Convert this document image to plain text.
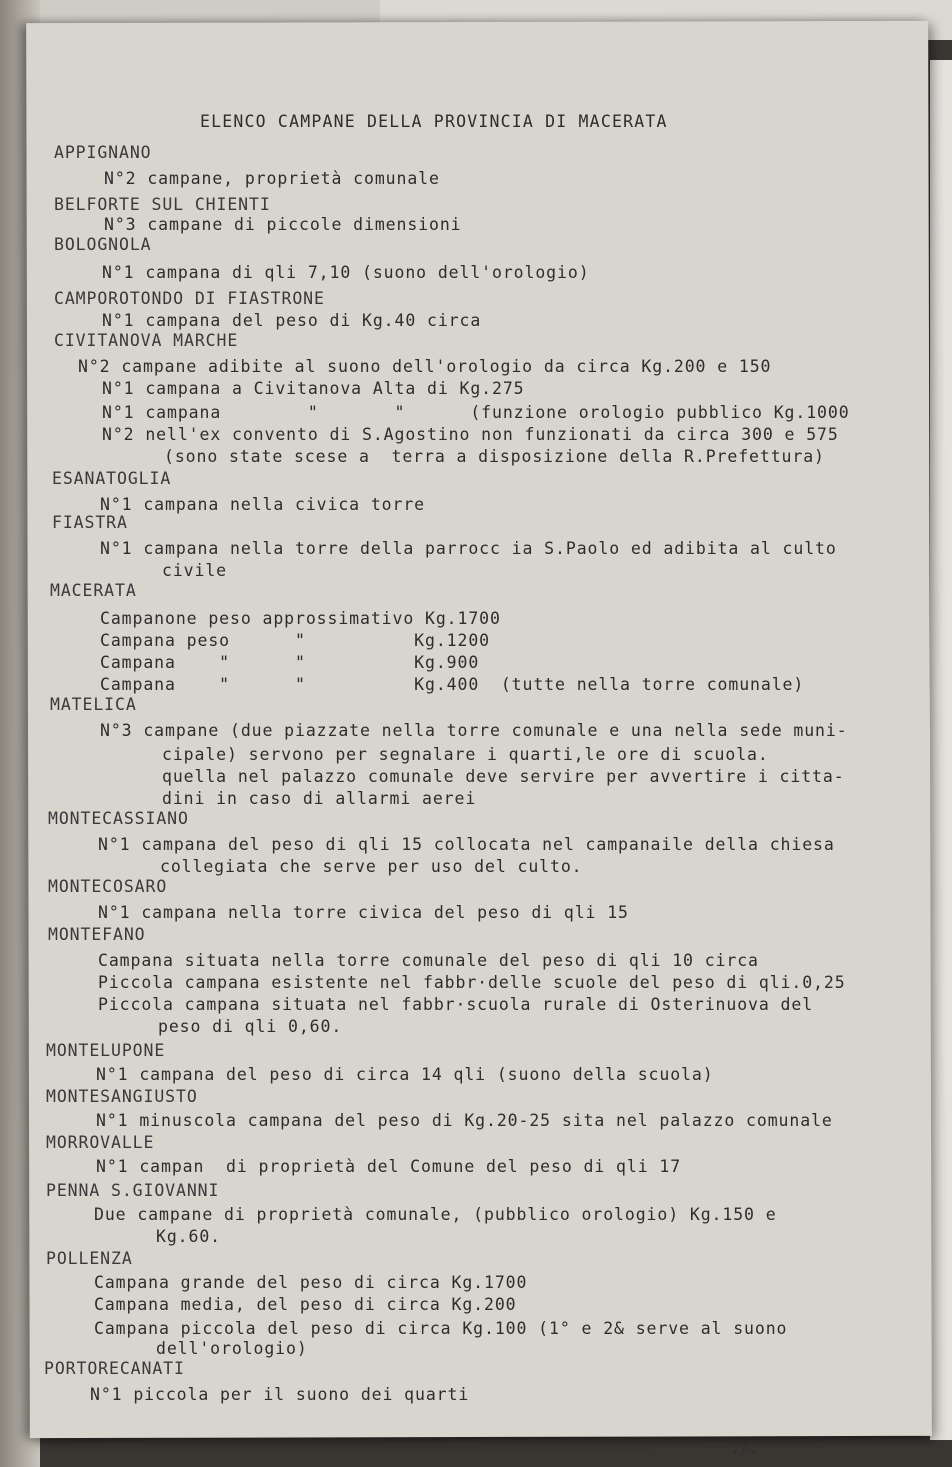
ELENCO CAMPANE DELLA PROVINCIA DI MACERATA
APPIGNANO
N°2 campane, proprietà comunale
BELFORTE SUL CHIENTI
N°3 campane di piccole dimensioni
BOLOGNOLA
N°1 campana di qli 7,10 (suono dell'orologio)
CAMPOROTONDO DI FIASTRONE
N°1 campana del peso di Kg.40 circa
CIVITANOVA MARCHE
N°2 campane adibite al suono dell'orologio da circa Kg.200 e 150
N°1 campana a Civitanova Alta di Kg.275
N°1 campana        "       "      (funzione orologio pubblico Kg.1000
N°2 nell'ex convento di S.Agostino non funzionati da circa 300 e 575
(sono state scese a  terra a disposizione della R.Prefettura)
ESANATOGLIA
N°1 campana nella civica torre
FIASTRA
N°1 campana nella torre della parrocc ia S.Paolo ed adibita al culto
civile
MACERATA
Campanone peso approssimativo Kg.1700
Campana peso      "          Kg.1200
Campana    "      "          Kg.900
Campana    "      "          Kg.400  (tutte nella torre comunale)
MATELICA
N°3 campane (due piazzate nella torre comunale e una nella sede muni-
cipale) servono per segnalare i quarti,le ore di scuola.
quella nel palazzo comunale deve servire per avvertire i citta-
dini in caso di allarmi aerei
MONTECASSIANO
N°1 campana del peso di qli 15 collocata nel campanaile della chiesa
collegiata che serve per uso del culto.
MONTECOSARO
N°1 campana nella torre civica del peso di qli 15
MONTEFANO
Campana situata nella torre comunale del peso di qli 10 circa
Piccola campana esistente nel fabbr·delle scuole del peso di qli.0,25
Piccola campana situata nel fabbr·scuola rurale di Osterinuova del
peso di qli 0,60.
MONTELUPONE
N°1 campana del peso di circa 14 qli (suono della scuola)
MONTESANGIUSTO
N°1 minuscola campana del peso di Kg.20-25 sita nel palazzo comunale
MORROVALLE
N°1 campan  di proprietà del Comune del peso di qli 17
PENNA S.GIOVANNI
Due campane di proprietà comunale, (pubblico orologio) Kg.150 e
Kg.60.
POLLENZA
Campana grande del peso di circa Kg.1700
Campana media, del peso di circa Kg.200
Campana piccola del peso di circa Kg.100 (1° e 2& serve al suono
dell'orologio)
PORTORECANATI
N°1 piccola per il suono dei quarti
./.
